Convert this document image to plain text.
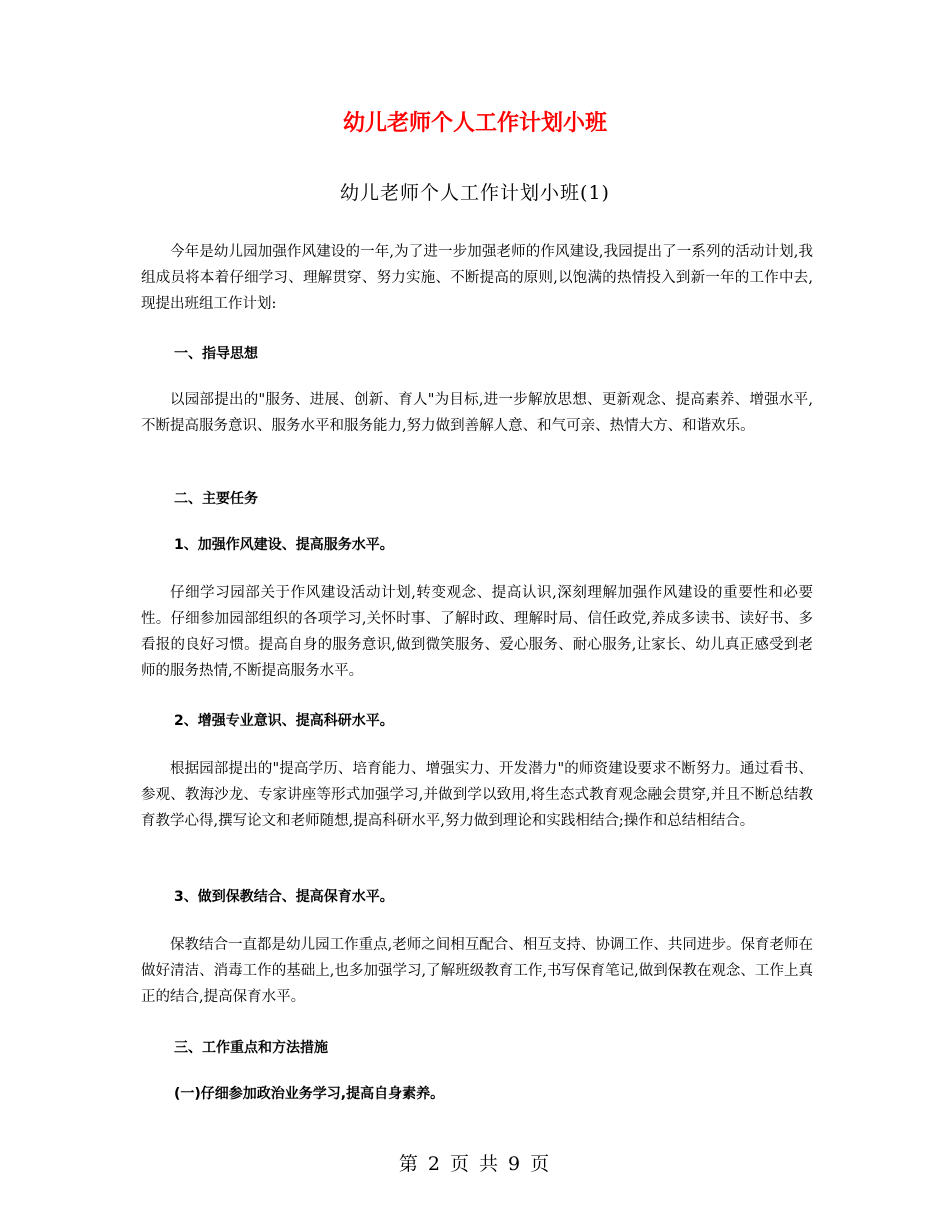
幼儿老师个人工作计划小班
幼儿老师个人工作计划小班(1)

今年是幼儿园加强作风建设的一年,为了进一步加强老师的作风建设,我园提出了一系列的活动计划,我组成员将本着仔细学习、理解贯穿、努力实施、不断提高的原则,以饱满的热情投入到新一年的工作中去,现提出班组工作计划:

一、指导思想

以园部提出的"服务、进展、创新、育人"为目标,进一步解放思想、更新观念、提高素养、增强水平,不断提高服务意识、服务水平和服务能力,努力做到善解人意、和气可亲、热情大方、和谐欢乐。

二、主要任务
1、加强作风建设、提高服务水平。

仔细学习园部关于作风建设活动计划,转变观念、提高认识,深刻理解加强作风建设的重要性和必要性。仔细参加园部组织的各项学习,关怀时事、了解时政、理解时局、信任政党,养成多读书、读好书、多看报的良好习惯。提高自身的服务意识,做到微笑服务、爱心服务、耐心服务,让家长、幼儿真正感受到老师的服务热情,不断提高服务水平。

2、增强专业意识、提高科研水平。

根据园部提出的"提高学历、培育能力、增强实力、开发潜力"的师资建设要求不断努力。通过看书、参观、教海沙龙、专家讲座等形式加强学习,并做到学以致用,将生态式教育观念融会贯穿,并且不断总结教育教学心得,撰写论文和老师随想,提高科研水平,努力做到理论和实践相结合;操作和总结相结合。

3、做到保教结合、提高保育水平。

保教结合一直都是幼儿园工作重点,老师之间相互配合、相互支持、协调工作、共同进步。保育老师在做好清洁、消毒工作的基础上,也多加强学习,了解班级教育工作,书写保育笔记,做到保教在观念、工作上真正的结合,提高保育水平。

三、工作重点和方法措施
(一)仔细参加政治业务学习,提高自身素养。
第 2 页 共 9 页
